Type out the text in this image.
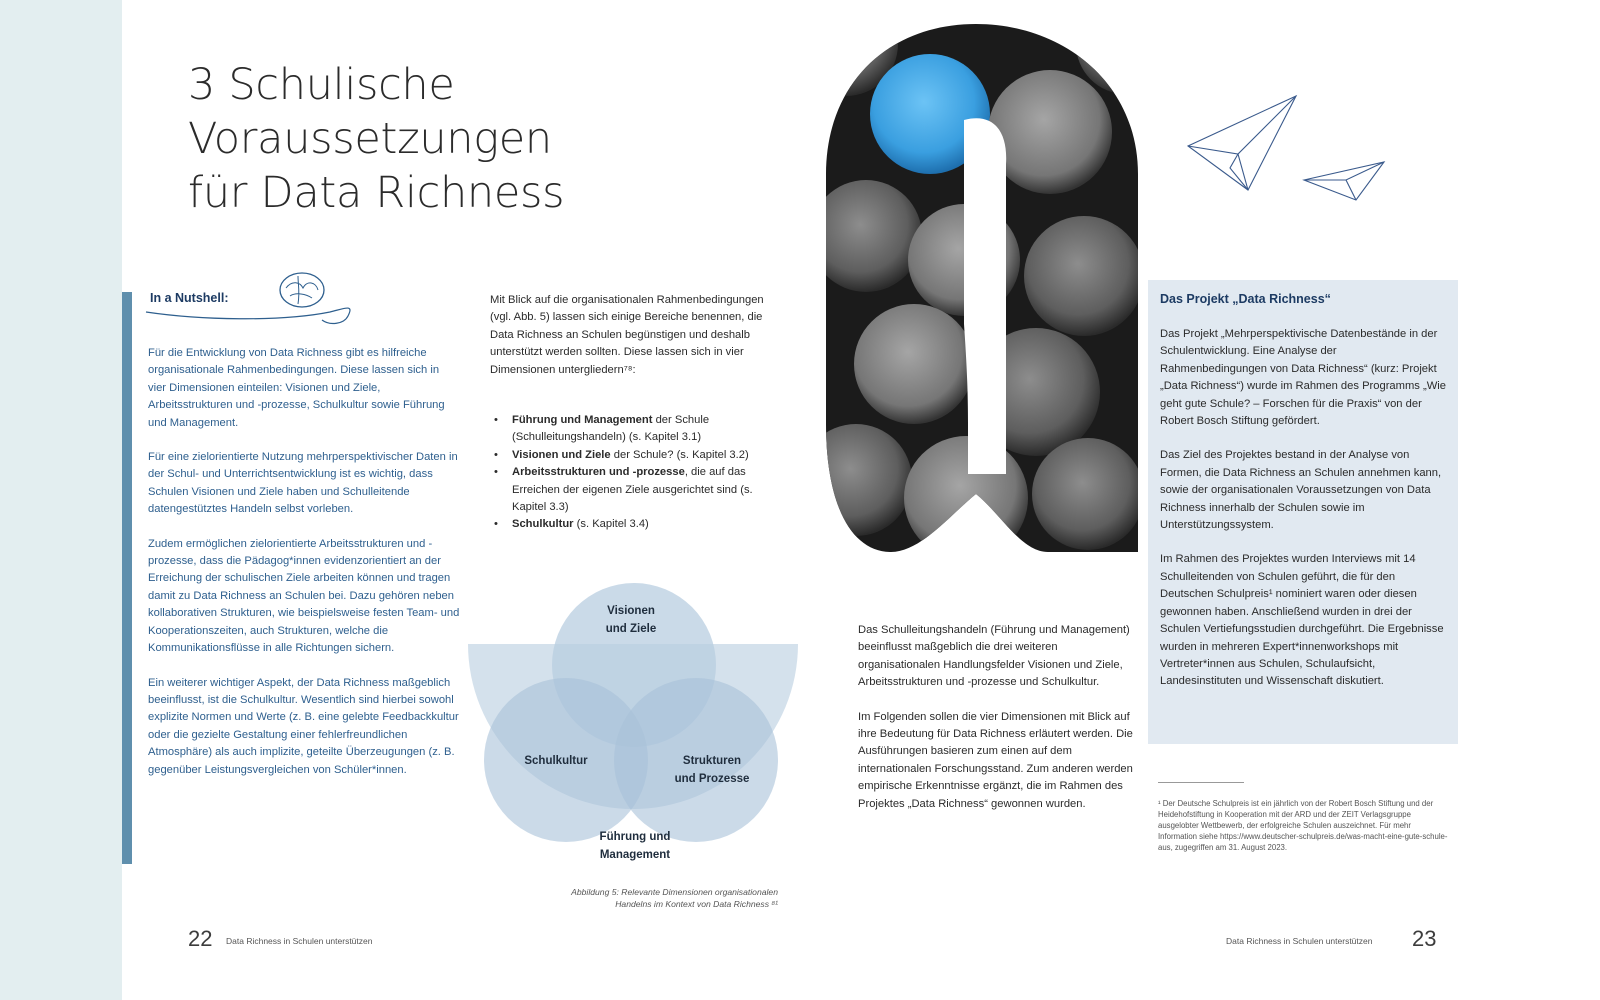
3 Schulische
Voraussetzungen
für Data Richness
In a Nutshell:

Für die Entwicklung von Data Richness gibt es hilfreiche organisationale Rahmenbedingungen. Diese lassen sich in vier Dimensionen einteilen: Visionen und Ziele, Arbeitsstrukturen und -prozesse, Schulkultur sowie Führung und Management.

Für eine zielorientierte Nutzung mehrperspektivischer Daten in der Schul- und Unterrichtsentwicklung ist es wichtig, dass Schulen Visionen und Ziele haben und Schulleitende datengestütztes Handeln selbst vorleben.

Zudem ermöglichen zielorientierte Arbeitsstrukturen und -prozesse, dass die Pädagog*innen evidenzorientiert an der Erreichung der schulischen Ziele arbeiten können und tragen damit zu Data Richness an Schulen bei. Dazu gehören neben kollaborativen Strukturen, wie beispielsweise festen Team- und Kooperationszeiten, auch Strukturen, welche die Kommunikationsflüsse in alle Richtungen sichern.

Ein weiterer wichtiger Aspekt, der Data Richness maßgeblich beeinflusst, ist die Schulkultur. Wesentlich sind hierbei sowohl explizite Normen und Werte (z. B. eine gelebte Feedbackkultur oder die gezielte Gestaltung einer fehlerfreundlichen Atmosphäre) als auch implizite, geteilte Überzeugungen (z. B. gegenüber Leistungsvergleichen von Schüler*innen.

Mit Blick auf die organisationalen Rahmenbedingungen (vgl. Abb. 5) lassen sich einige Bereiche benennen, die Data Richness an Schulen begünstigen und deshalb unterstützt werden sollten. Diese lassen sich in vier Dimensionen untergliedern⁷⁸:

• Führung und Management der Schule (Schulleitungshandeln) (s. Kapitel 3.1)
• Visionen und Ziele der Schule? (s. Kapitel 3.2)
• Arbeitsstrukturen und -prozesse, die auf das Erreichen der eigenen Ziele ausgerichtet sind (s. Kapitel 3.3)
• Schulkultur (s. Kapitel 3.4)
Visionen
und Ziele
Schulkultur	Strukturen
und Prozesse
Führung und
Management

Abbildung 5: Relevante Dimensionen organisationalen Handelns im Kontext von Data Richness ⁸¹

Das Schulleitungshandeln (Führung und Management) beeinflusst maßgeblich die drei weiteren organisationalen Handlungsfelder Visionen und Ziele, Arbeitsstrukturen und -prozesse und Schulkultur.

Im Folgenden sollen die vier Dimensionen mit Blick auf ihre Bedeutung für Data Richness erläutert werden. Die Ausführungen basieren zum einen auf dem internationalen Forschungsstand. Zum anderen werden empirische Erkenntnisse ergänzt, die im Rahmen des Projektes „Data Richness“ gewonnen wurden.

Das Projekt „Data Richness“

Das Projekt „Mehrperspektivische Datenbestände in der Schulentwicklung. Eine Analyse der Rahmenbedingungen von Data Richness“ (kurz: Projekt „Data Richness“) wurde im Rahmen des Programms „Wie geht gute Schule? – Forschen für die Praxis“ von der Robert Bosch Stiftung gefördert.

Das Ziel des Projektes bestand in der Analyse von Formen, die Data Richness an Schulen annehmen kann, sowie der organisationalen Voraussetzungen von Data Richness innerhalb der Schulen sowie im Unterstützungssystem.

Im Rahmen des Projektes wurden Interviews mit 14 Schulleitenden von Schulen geführt, die für den Deutschen Schulpreis¹ nominiert waren oder diesen gewonnen haben. Anschließend wurden in drei der Schulen Vertiefungsstudien durchgeführt. Die Ergebnisse wurden in mehreren Expert*innenworkshops mit Vertreter*innen aus Schulen, Schulaufsicht, Landesinstituten und Wissenschaft diskutiert.

¹ Der Deutsche Schulpreis ist ein jährlich von der Robert Bosch Stiftung und der Heidehofstiftung in Kooperation mit der ARD und der ZEIT Verlagsgruppe ausgelobter Wettbewerb, der erfolgreiche Schulen auszeichnet. Für mehr Information siehe https://www.deutscher-schulpreis.de/was-macht-eine-gute-schule-aus, zugegriffen am 31. August 2023.

22 Data Richness in Schulen unterstützen	Data Richness in Schulen unterstützen 23
